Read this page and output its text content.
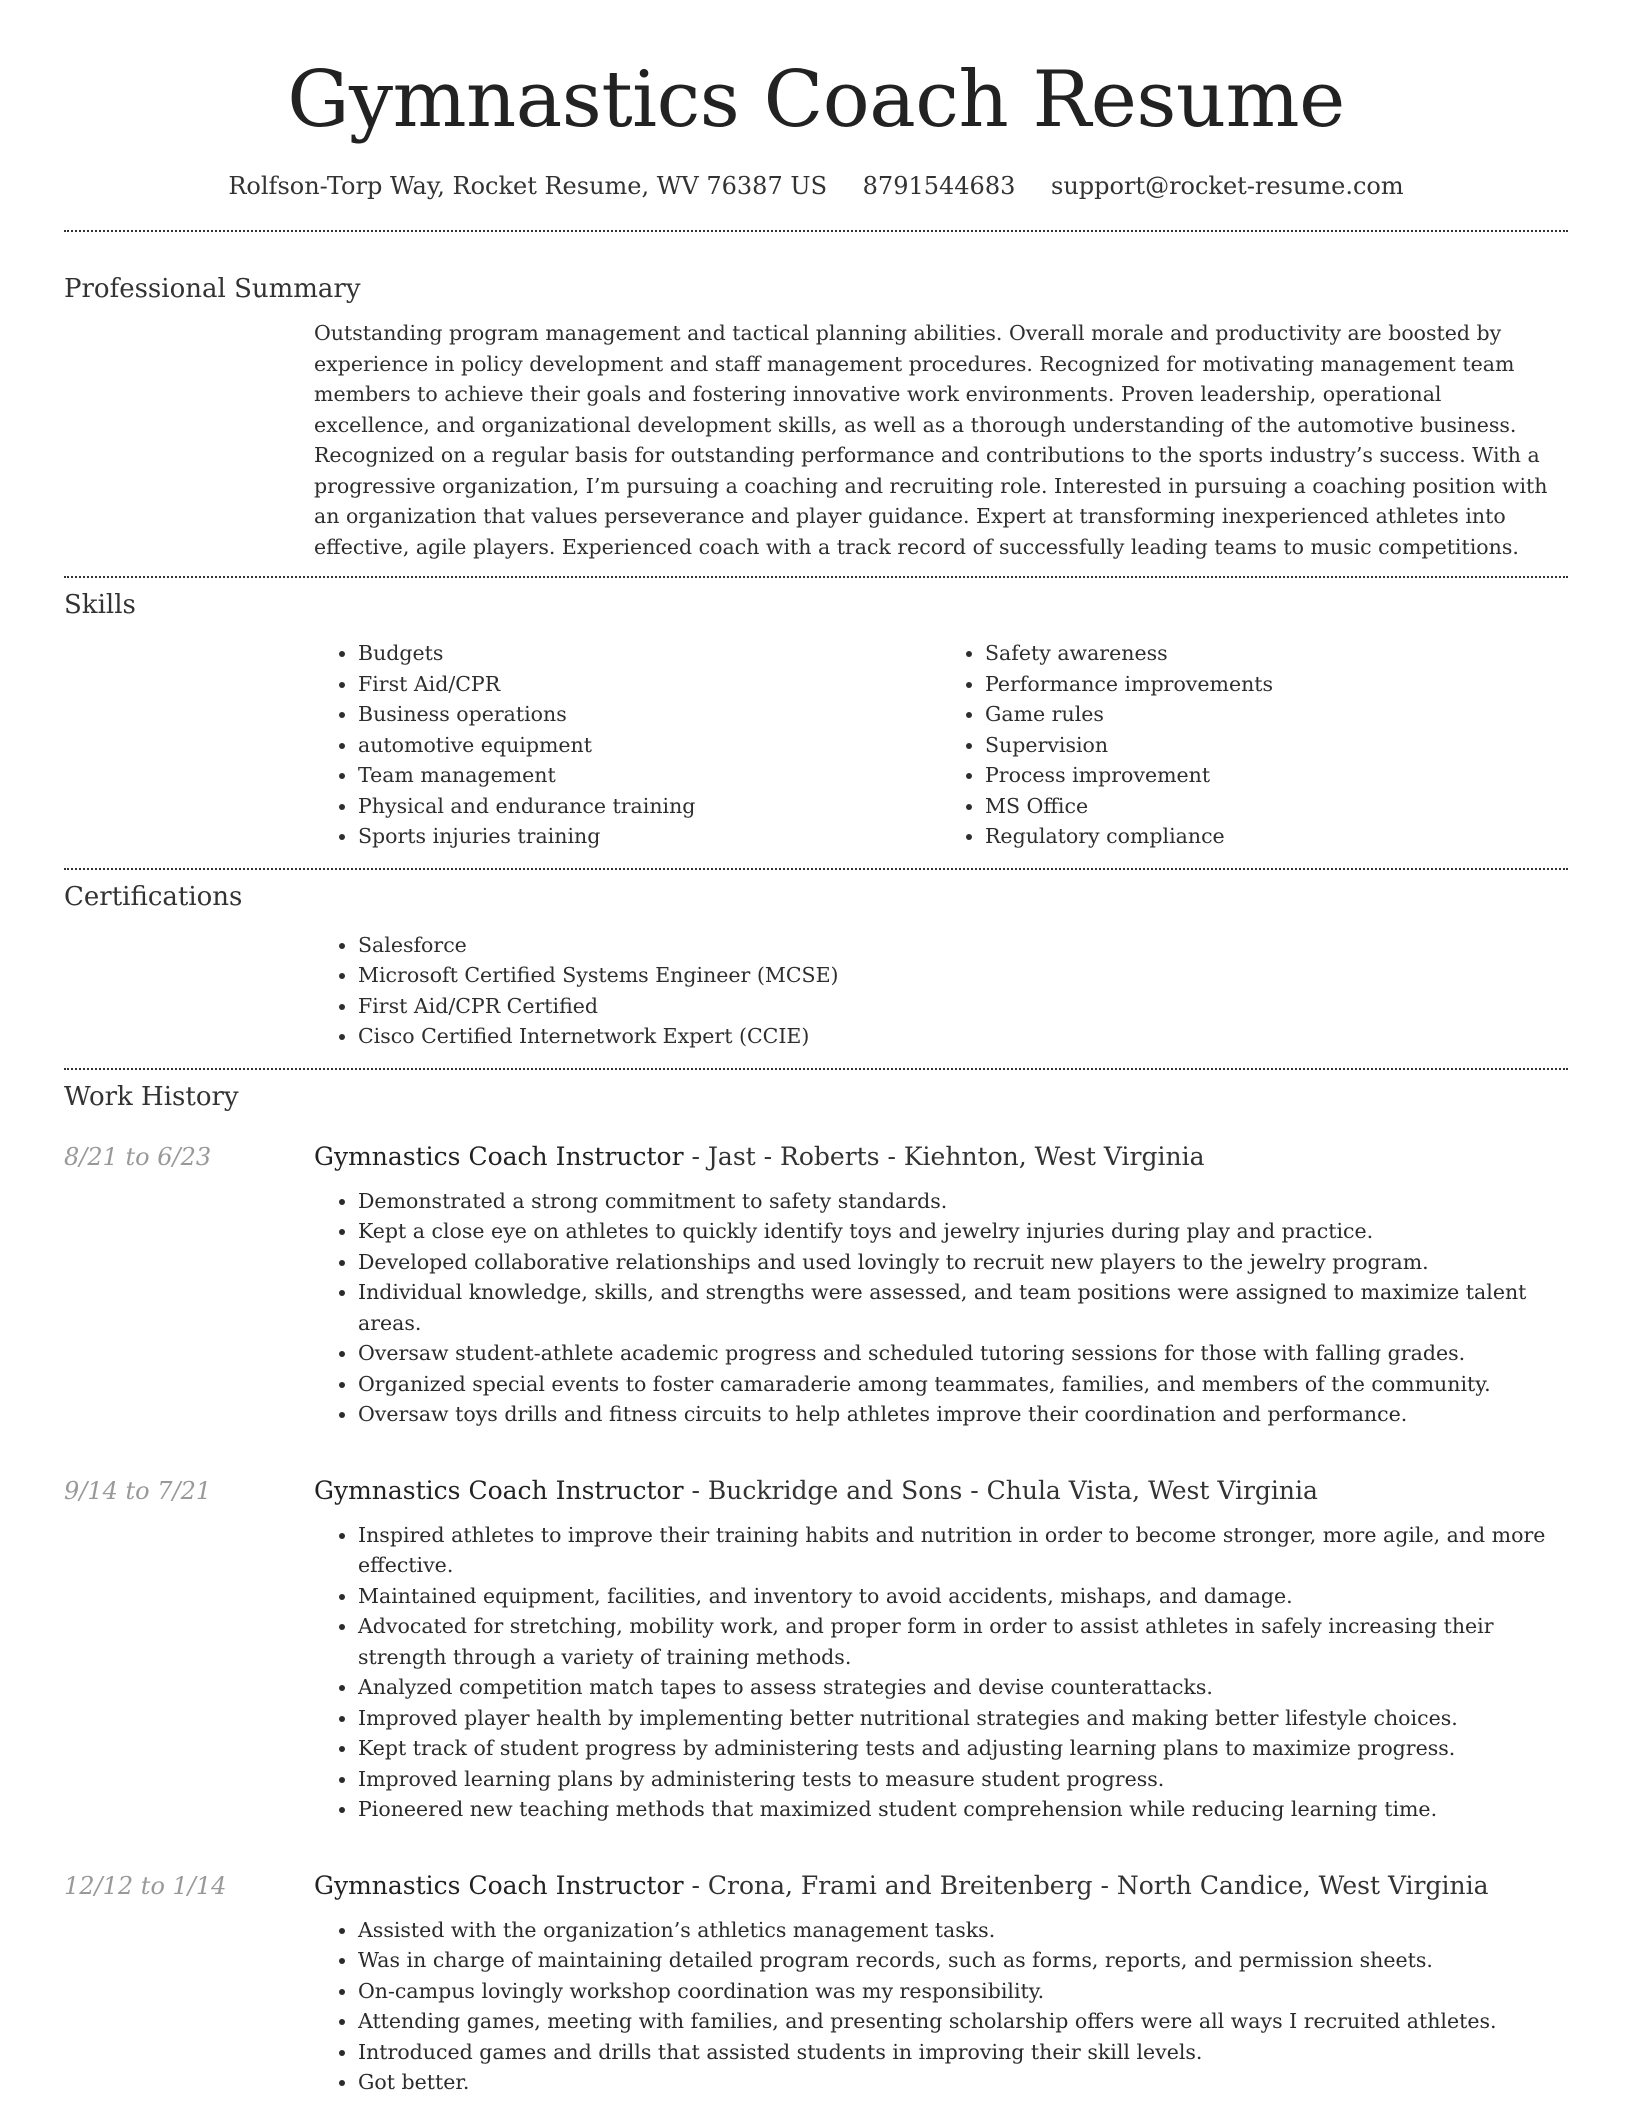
Gymnastics Coach Resume
Rolfson-Torp Way, Rocket Resume, WV 76387 US 8791544683 support@rocket-resume.com
Professional Summary
Outstanding program management and tactical planning abilities. Overall morale and productivity are boosted by experience in policy development and staff management procedures. Recognized for motivating management team members to achieve their goals and fostering innovative work environments. Proven leadership, operational excellence, and organizational development skills, as well as a thorough understanding of the automotive business. Recognized on a regular basis for outstanding performance and contributions to the sports industry’s success. With a progressive organization, I’m pursuing a coaching and recruiting role. Interested in pursuing a coaching position with an organization that values perseverance and player guidance. Expert at transforming inexperienced athletes into effective, agile players. Experienced coach with a track record of successfully leading teams to music competitions.
Skills
• Budgets
• First Aid/CPR
• Business operations
• automotive equipment
• Team management
• Physical and endurance training
• Sports injuries training
• Safety awareness
• Performance improvements
• Game rules
• Supervision
• Process improvement
• MS Office
• Regulatory compliance
Certifications
• Salesforce
• Microsoft Certified Systems Engineer (MCSE)
• First Aid/CPR Certified
• Cisco Certified Internetwork Expert (CCIE)
Work History
8/21 to 6/23	Gymnastics Coach Instructor - Jast - Roberts - Kiehnton, West Virginia
• Demonstrated a strong commitment to safety standards.
• Kept a close eye on athletes to quickly identify toys and jewelry injuries during play and practice.
• Developed collaborative relationships and used lovingly to recruit new players to the jewelry program.
• Individual knowledge, skills, and strengths were assessed, and team positions were assigned to maximize talent areas.
• Oversaw student-athlete academic progress and scheduled tutoring sessions for those with falling grades.
• Organized special events to foster camaraderie among teammates, families, and members of the community.
• Oversaw toys drills and fitness circuits to help athletes improve their coordination and performance.
9/14 to 7/21	Gymnastics Coach Instructor - Buckridge and Sons - Chula Vista, West Virginia
• Inspired athletes to improve their training habits and nutrition in order to become stronger, more agile, and more effective.
• Maintained equipment, facilities, and inventory to avoid accidents, mishaps, and damage.
• Advocated for stretching, mobility work, and proper form in order to assist athletes in safely increasing their strength through a variety of training methods.
• Analyzed competition match tapes to assess strategies and devise counterattacks.
• Improved player health by implementing better nutritional strategies and making better lifestyle choices.
• Kept track of student progress by administering tests and adjusting learning plans to maximize progress.
• Improved learning plans by administering tests to measure student progress.
• Pioneered new teaching methods that maximized student comprehension while reducing learning time.
12/12 to 1/14	Gymnastics Coach Instructor - Crona, Frami and Breitenberg - North Candice, West Virginia
• Assisted with the organization’s athletics management tasks.
• Was in charge of maintaining detailed program records, such as forms, reports, and permission sheets.
• On-campus lovingly workshop coordination was my responsibility.
• Attending games, meeting with families, and presenting scholarship offers were all ways I recruited athletes.
• Introduced games and drills that assisted students in improving their skill levels.
• Got better.
